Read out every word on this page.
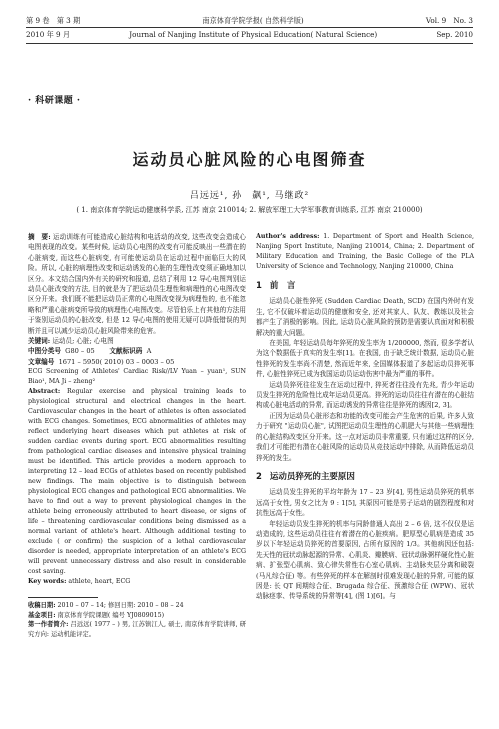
第 9 卷　第 3 期	南京体育学院学报( 自然科学版)	Vol. 9　No. 3
2010 年 9 月	Journal of Nanjing Institute of Physical Education( Natural Science)	Sep. 2010
· 科研课题 ·
运动员心脏风险的心电图筛查
吕远远¹, 孙　飙¹, 马继政²
( 1. 南京体育学院运动健康科学系, 江苏 南京 210014; 2. 解放军理工大学军事教育训练系, 江苏 南京 210000)

摘　要: 运动训练有可能造成心脏结构和电活动的改变, 这些改变会造成心电图表现的改变。某些时候, 运动员心电图的改变有可能反映出一些潜在的心脏病变, 而这些心脏病变, 有可能使运动员在运动过程中面临巨大的风险。所以, 心脏的病理性改变和运动诱发的心脏的生理性改变须正确地加以区分。本文结合国内外有关的研究和报道, 总结了利用 12 导心电图判别运动员心脏改变的方法, 目的就是为了把运动员生理性和病理性的心电图改变区分开来。我们既不能把运动员正常的心电图改变视为病理性的, 也不能忽略和严重心脏病变所导致的病理性心电图改变。尽管伯乐上有其他的方法用于鉴别运动员的心脏改变, 但是 12 导心电图的使用无疑可以降低错误的判断并且可以减少运动员心脏风险带来的危害。

关键词: 运动员; 心脏; 心电图

中图分类号 G80 – 05 文献标识码 A

文章编号 1671 – 5950( 2010) 03 – 0003 – 05

ECG Screening of Athletes' Cardiac Risk//LV Yuan – yuan¹, SUN Biao¹, MA Ji – zheng²

Abstract: Regular exercise and physical training leads to physiological structural and electrical changes in the heart. Cardiovascular changes in the heart of athletes is often associated with ECG changes. Sometimes, ECG abnormalities of athletes may reflect underlying heart diseases which put athletes at risk of sudden cardiac events during sport. ECG abnormalities resulting from pathological cardiac diseases and intensive physical training must be identified. This article provides a modern approach to interpreting 12 – lead ECGs of athletes based on recently published new findings. The main objective is to distinguish between physiological ECG changes and pathological ECG abnormalities. We have to find out a way to prevent physiological changes in the athlete being erroneously attributed to heart disease, or signs of life – threatening cardiovascular conditions being dismissed as a normal variant of athlete's heart. Although additional testing to exclude ( or confirm) the suspicion of a lethal cardiovascular disorder is needed, appropriate interpretation of an athlete's ECG will prevent unnecessary distress and also result in considerable cost saving.

Key words: athlete, heart, ECG

收稿日期: 2010 – 07 – 14; 修回日期: 2010 – 08 – 24

基金项目: 南京体育学院课题( 编号 YJ0809015)

第一作者简介: 吕远远( 1977 – ) 男, 江苏镇江人, 硕士, 南京体育学院讲师, 研究方向: 运动机能评定。

Author's address: 1. Department of Sport and Health Science, Nanjing Sport Institute, Nanjing 210014, China; 2. Department of Military Education and Training, the Basic College of the PLA University of Science and Technology, Nanjing 210000, China

1 前　言

运动员心脏性猝死 (Sudden Cardiac Death, SCD) 在国内外时有发生, 它不仅破坏着运动员的健康和安全, 还对其家人、队友、教练以及社会都产生了消极的影响。因此, 运动员心脏风险的预防是需要认真面对和积极解决的重大问题。

在美国, 年轻运动员每年猝死的发生率为 1/200000, 然而, 很多学者认为这个数据低于真实的发生率[1]。在我国, 由于缺乏统计数据, 运动员心脏性猝死的发生率尚不清楚, 然而近年来, 全国媒体报道了多起运动员猝死事件, 心脏性猝死已成为我国运动员运动伤害中最为严重的事件。

运动员猝死往往发生在运动过程中, 猝死者往往没有先兆, 青少年运动员发生猝死的危险性比成年运动员更高。猝死的运动员往往有潜在的心脏结构或心脏电活动的异常, 而运动诱发的异常往往是猝死的诱因[2, 3]。

正因为运动员心脏形态和功能的改变可能会产生危害的后果, 许多人致力于研究 "运动员心脏", 试图把运动员生理性的心肌肥大与其他一些病理性的心脏结构改变区分开来。这一点对运动员非常重要, 只有通过这样的区分, 我们才可能把有潜在心脏风险的运动员从竞技运动中排除, 从而降低运动员猝死的发生。

2 运动员猝死的主要原因

运动员发生猝死的平均年龄为 17 – 23 岁[4], 男性运动员猝死的机率远高于女性, 男女之比为 9 : 1[5], 其原因可能是男子运动的剧烈程度和对抗性远高于女性。

年轻运动员发生猝死的机率与同龄普通人高出 2 – 6 倍, 这不仅仅是运动造成的, 这些运动员往往有着潜在的心脏疾病。肥厚型心肌病是造成 35 岁以下年轻运动员猝死的首要原因, 占所有原因的 1/3。其他病因还包括: 先天性的冠状动脉起源的异常、心肌炎、瓣膜病、冠状动脉粥样硬化性心脏病、扩张型心肌病、致心律失常性右心室心肌病、主动脉夹层分离和破裂 (马凡综合征) 等。有些猝死的样本在解剖时很难发现心脏的异常, 可能的原因是: 长 QT 间期综合征、Brugada 综合征、预激综合征 (WPW)、冠状动脉痉挛、传导系统的异常等[4], (图 1)[6]。与
